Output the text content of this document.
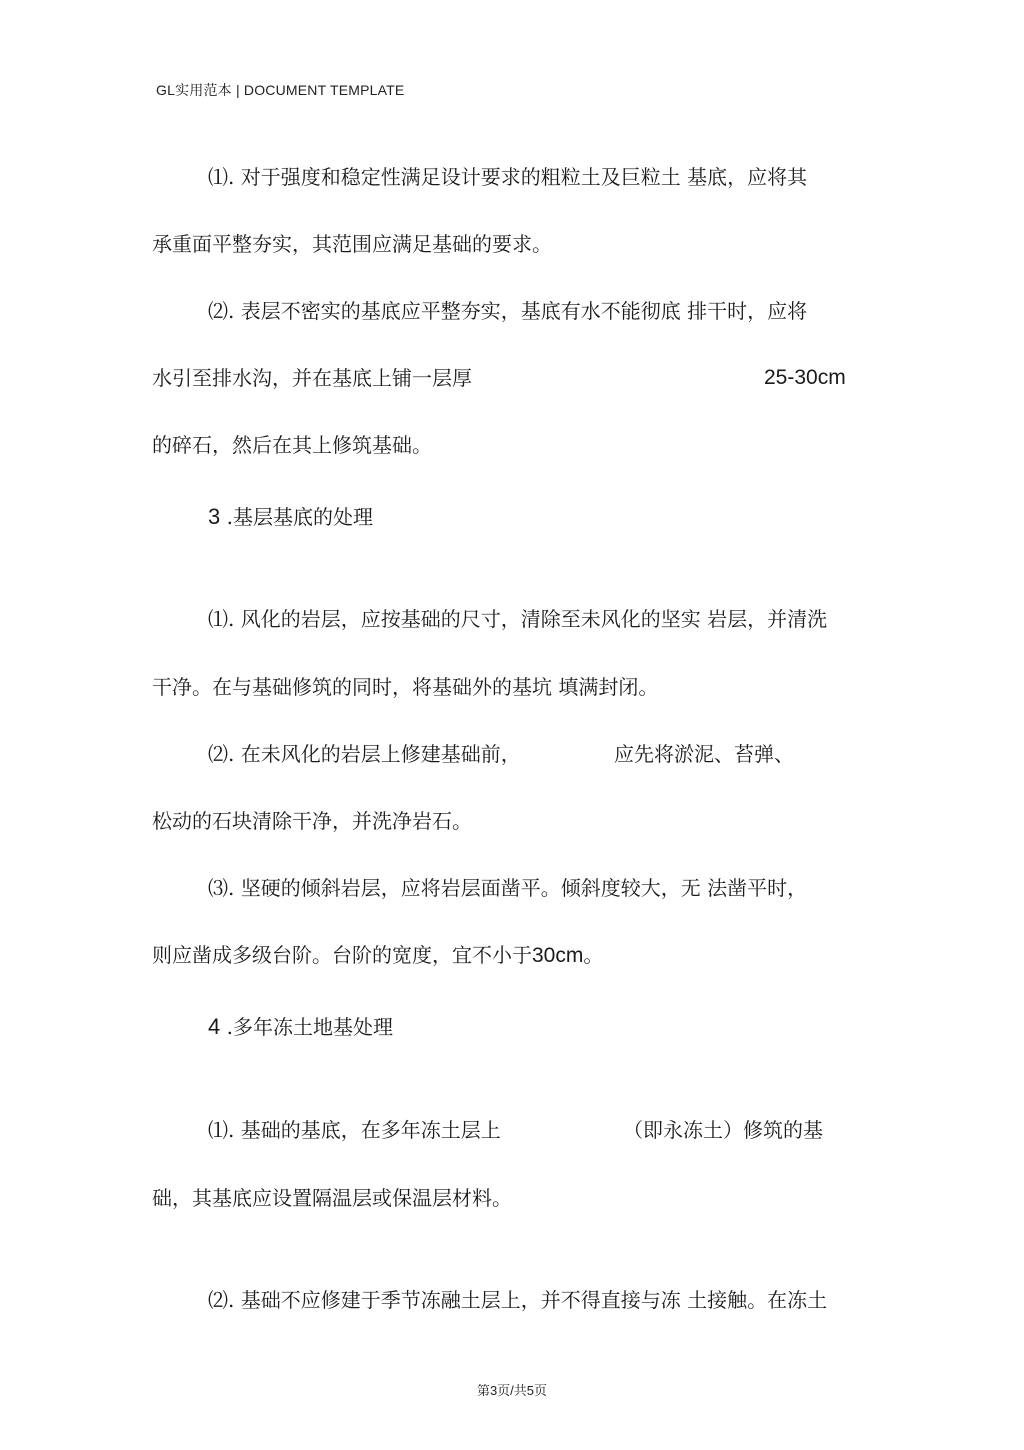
GL实用范本 | DOCUMENT TEMPLATE
⑴. 对于强度和稳定性满足设计要求的粗粒土及巨粒土 基底，应将其
承重面平整夯实，其范围应满足基础的要求。
⑵. 表层不密实的基底应平整夯实，基底有水不能彻底 排干时，应将
水引至排水沟，并在基底上铺一层厚	25-30cm
的碎石，然后在其上修筑基础。
3 .基层基底的处理
⑴. 风化的岩层，应按基础的尺寸，清除至未风化的坚实 岩层，并清洗
干净。在与基础修筑的同时，将基础外的基坑 填满封闭。
⑵. 在未风化的岩层上修建基础前，	应先将淤泥、苔弹、
松动的石块清除干净，并洗净岩石。
⑶. 坚硬的倾斜岩层，应将岩层面凿平。倾斜度较大，无 法凿平时，
则应凿成多级台阶。台阶的宽度，宜不小于30cm。
4 .多年冻土地基处理
⑴. 基础的基底，在多年冻土层上	（即永冻土）修筑的基
础，其基底应设置隔温层或保温层材料。
⑵. 基础不应修建于季节冻融土层上，并不得直接与冻 土接触。在冻土
第3页/共5页
